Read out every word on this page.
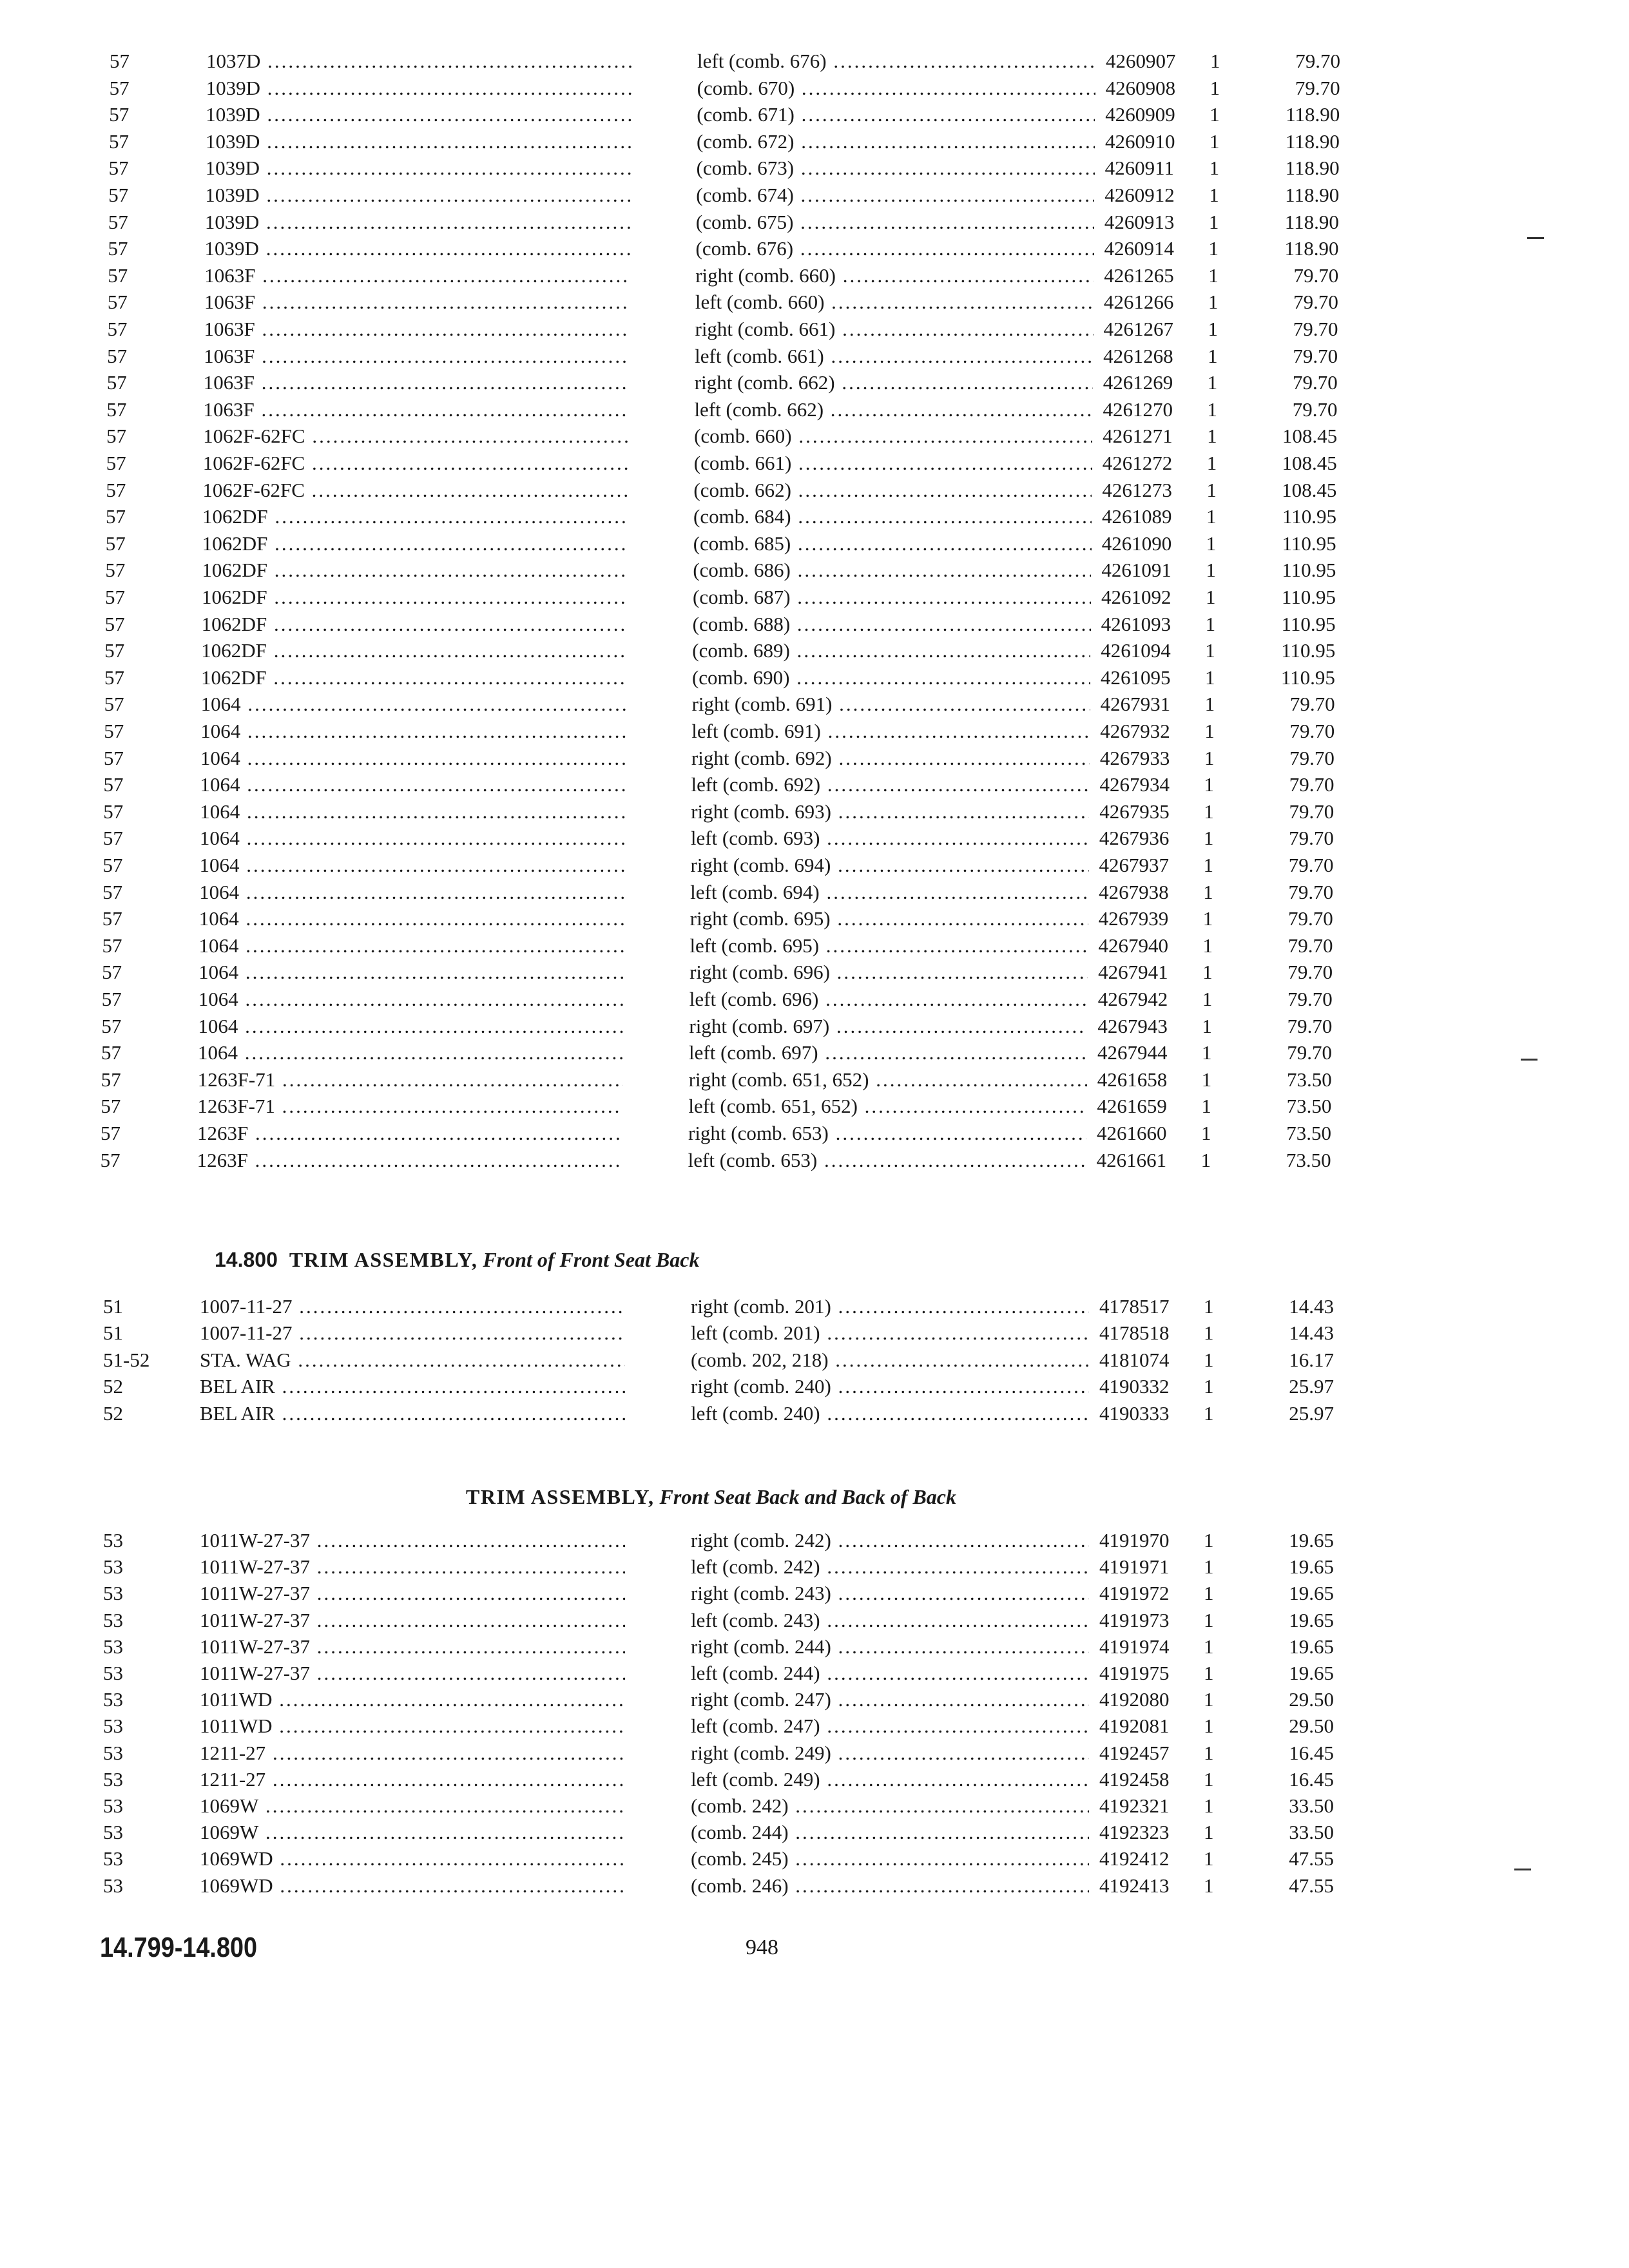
57	1037D .....	left (comb. 676) .....	4260907 1	79.70
57	1039D .....	(comb. 670) .....	4260908 1	79.70
57	1039D .....	(comb. 671) .....	4260909 1	118.90
57	1039D .....	(comb. 672) .....	4260910 1	118.90
57	1039D .....	(comb. 673) .....	4260911 1	118.90
57	1039D .....	(comb. 674) .....	4260912 1	118.90
57	1039D .....	(comb. 675) .....	4260913 1	118.90
57	1039D .....	(comb. 676) .....	4260914 1	118.90
57	1063F .....	right (comb. 660) .....	4261265 1	79.70
57	1063F .....	left (comb. 660) .....	4261266 1	79.70
57	1063F .....	right (comb. 661) .....	4261267 1	79.70
57	1063F .....	left (comb. 661) .....	4261268 1	79.70
57	1063F .....	right (comb. 662) .....	4261269 1	79.70
57	1063F .....	left (comb. 662) .....	4261270 1	79.70
57	1062F-62FC .....	(comb. 660) .....	4261271 1	108.45
57	1062F-62FC .....	(comb. 661) .....	4261272 1	108.45
57	1062F-62FC .....	(comb. 662) .....	4261273 1	108.45
57	1062DF .....	(comb. 684) .....	4261089 1	110.95
57	1062DF .....	(comb. 685) .....	4261090 1	110.95
57	1062DF .....	(comb. 686) .....	4261091 1	110.95
57	1062DF .....	(comb. 687) .....	4261092 1	110.95
57	1062DF .....	(comb. 688) .....	4261093 1	110.95
57	1062DF .....	(comb. 689) .....	4261094 1	110.95
57	1062DF .....	(comb. 690) .....	4261095 1	110.95
57	1064 .....	right (comb. 691) .....	4267931 1	79.70
57	1064 .....	left (comb. 691) .....	4267932 1	79.70
57	1064 .....	right (comb. 692) .....	4267933 1	79.70
57	1064 .....	left (comb. 692) .....	4267934 1	79.70
57	1064 .....	right (comb. 693) .....	4267935 1	79.70
57	1064 .....	left (comb. 693) .....	4267936 1	79.70
57	1064 .....	right (comb. 694) .....	4267937 1	79.70
57	1064 .....	left (comb. 694) .....	4267938 1	79.70
57	1064 .....	right (comb. 695) .....	4267939 1	79.70
57	1064 .....	left (comb. 695) .....	4267940 1	79.70
57	1064 .....	right (comb. 696) .....	4267941 1	79.70
57	1064 .....	left (comb. 696) .....	4267942 1	79.70
57	1064 .....	right (comb. 697) .....	4267943 1	79.70
57	1064 .....	left (comb. 697) .....	4267944 1	79.70
57	1263F-71 .....	right (comb. 651, 652) .....	4261658 1	73.50
57	1263F-71 .....	left (comb. 651, 652) .....	4261659 1	73.50
57	1263F .....	right (comb. 653) .....	4261660 1	73.50
57	1263F .....	left (comb. 653) .....	4261661 1	73.50
14.800 TRIM ASSEMBLY, Front of Front Seat Back
51	1007-11-27 .....	right (comb. 201) .....	4178517 1	14.43
51	1007-11-27 .....	left (comb. 201) .....	4178518 1	14.43
51-52	STA. WAG .....	(comb. 202, 218) .....	4181074 1	16.17
52	BEL AIR .....	right (comb. 240) .....	4190332 1	25.97
52	BEL AIR .....	left (comb. 240) .....	4190333 1	25.97
TRIM ASSEMBLY, Front Seat Back and Back of Back
53	1011W-27-37 .....	right (comb. 242) .....	4191970 1	19.65
53	1011W-27-37 .....	left (comb. 242) .....	4191971 1	19.65
53	1011W-27-37 .....	right (comb. 243) .....	4191972 1	19.65
53	1011W-27-37 .....	left (comb. 243) .....	4191973 1	19.65
53	1011W-27-37 .....	right (comb. 244) .....	4191974 1	19.65
53	1011W-27-37 .....	left (comb. 244) .....	4191975 1	19.65
53	1011WD .....	right (comb. 247) .....	4192080 1	29.50
53	1011WD .....	left (comb. 247) .....	4192081 1	29.50
53	1211-27 .....	right (comb. 249) .....	4192457 1	16.45
53	1211-27 .....	left (comb. 249) .....	4192458 1	16.45
53	1069W .....	(comb. 242) .....	4192321 1	33.50
53	1069W .....	(comb. 244) .....	4192323 1	33.50
53	1069WD .....	(comb. 245) .....	4192412 1	47.55
53	1069WD .....	(comb. 246) .....	4192413 1	47.55
14.799-14.800	948
